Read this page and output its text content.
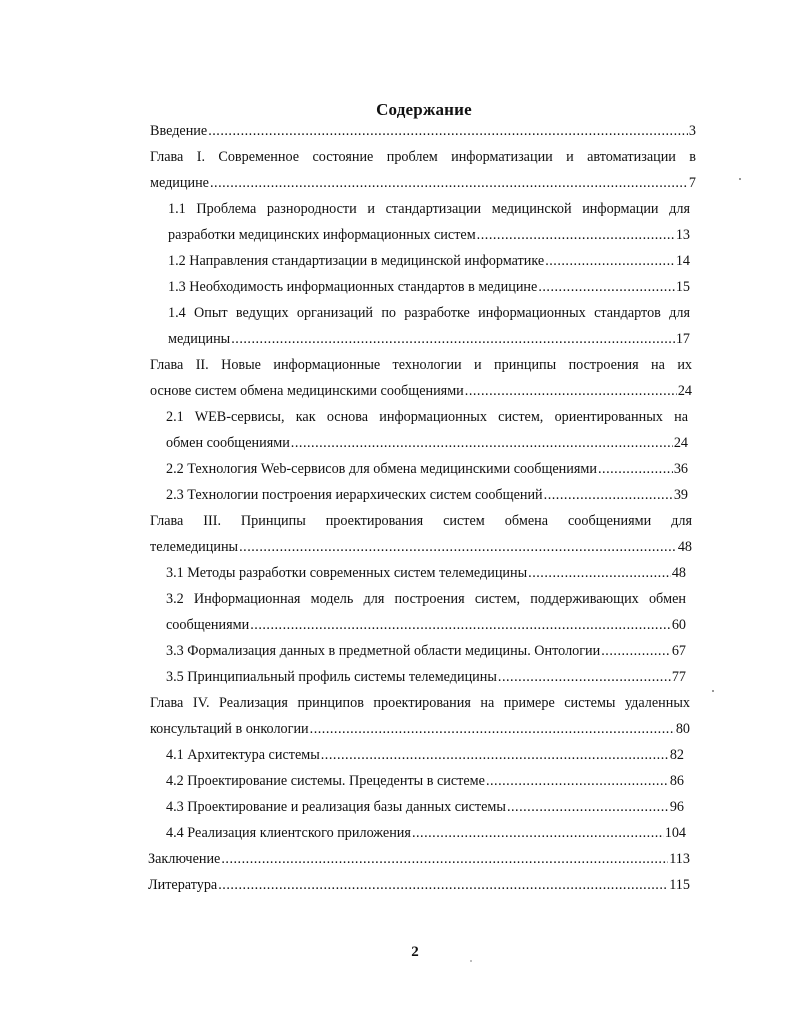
Содержание
Введение .....	3
Глава I. Современное состояние проблем информатизации и автоматизации в
медицине .....	7
1.1 Проблема разнородности и стандартизации медицинской информации для
разработки медицинских информационных систем .....	13
1.2 Направления стандартизации в медицинской информатике .....	14
1.3 Необходимость информационных стандартов в медицине .....	15
1.4 Опыт ведущих организаций по разработке информационных стандартов для
медицины .....	17
Глава II. Новые информационные технологии и принципы построения на их
основе систем обмена медицинскими сообщениями .....	24
2.1 WEB-сервисы, как основа информационных систем, ориентированных на
обмен сообщениями .....	24
2.2 Технология Web-сервисов для обмена медицинскими сообщениями .....	36
2.3 Технологии построения иерархических систем сообщений .....	39
Глава III. Принципы проектирования систем обмена сообщениями для
телемедицины .....	48
3.1 Методы разработки современных систем телемедицины .....	48
3.2 Информационная модель для построения систем, поддерживающих обмен
сообщениями .....	60
3.3 Формализация данных в предметной области медицины. Онтологии .....	67
3.5 Принципиальный профиль системы телемедицины .....	77
Глава IV. Реализация принципов проектирования на примере системы удаленных
консультаций в онкологии .....	80
4.1 Архитектура системы .....	82
4.2 Проектирование системы. Прецеденты в системе .....	86
4.3 Проектирование и реализация базы данных системы .....	96
4.4 Реализация клиентского приложения .....	104
Заключение .....	113
Литература .....	115
2
